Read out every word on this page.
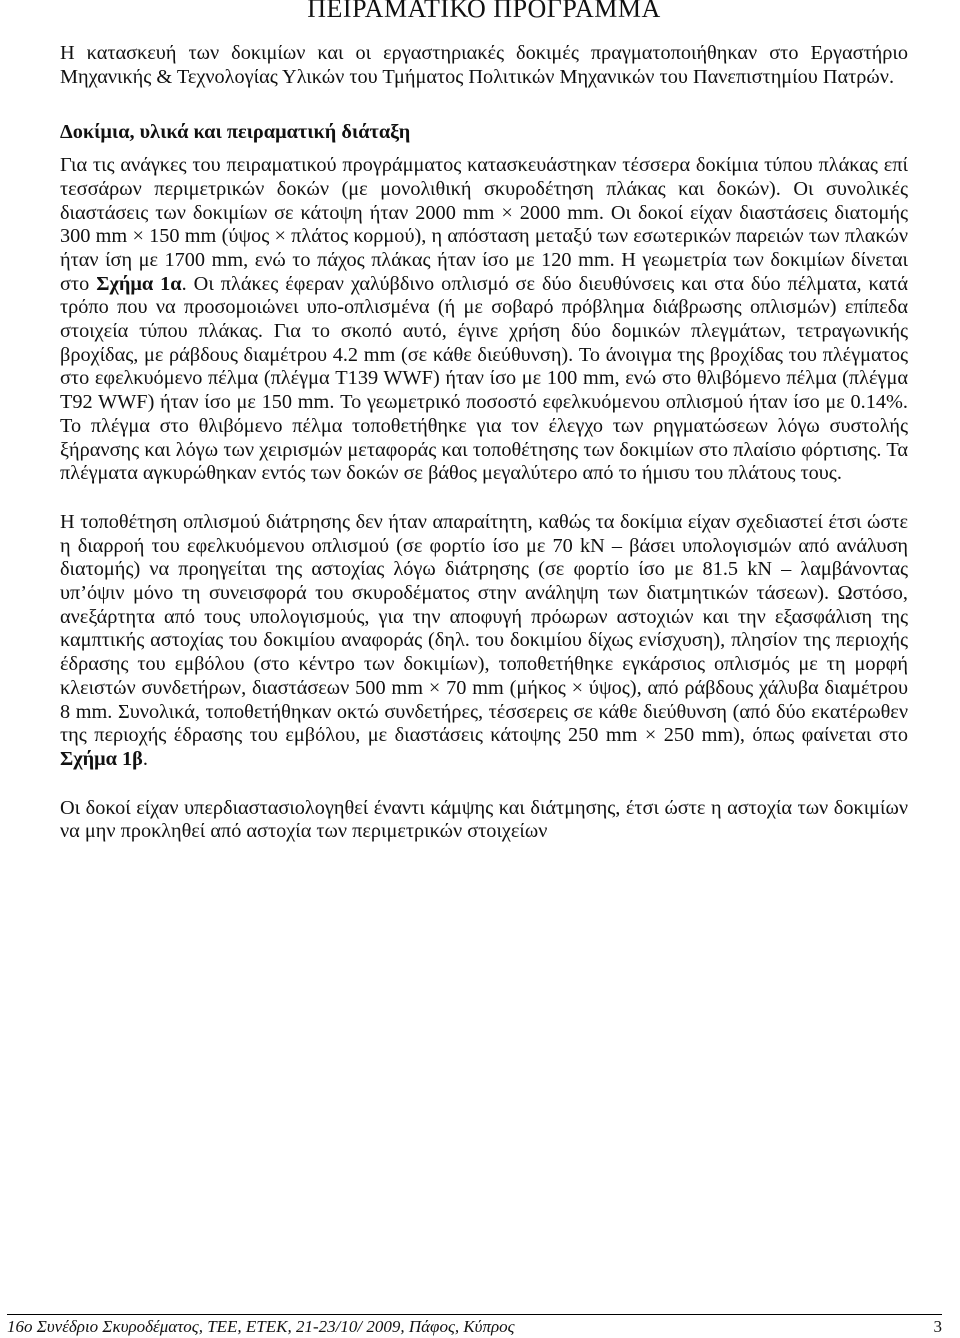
ΠΕΙΡΑΜΑΤΙΚΟ ΠΡΟΓΡΑΜΜΑ

Η κατασκευή των δοκιμίων και οι εργαστηριακές δοκιμές πραγματοποιήθηκαν στο Εργαστήριο Μηχανικής & Τεχνολογίας Υλικών του Τμήματος Πολιτικών Μηχανικών του Πανεπιστημίου Πατρών.

Δοκίμια, υλικά και πειραματική διάταξη

Για τις ανάγκες του πειραματικού προγράμματος κατασκευάστηκαν τέσσερα δοκίμια τύπου πλάκας επί τεσσάρων περιμετρικών δοκών (με μονολιθική σκυροδέτηση πλάκας και δοκών). Οι συνολικές διαστάσεις των δοκιμίων σε κάτοψη ήταν 2000 mm × 2000 mm. Οι δοκοί είχαν διαστάσεις διατομής 300 mm × 150 mm (ύψος × πλάτος κορμού), η απόσταση μεταξύ των εσωτερικών παρειών των πλακών ήταν ίση με 1700 mm, ενώ το πάχος πλάκας ήταν ίσο με 120 mm. Η γεωμετρία των δοκιμίων δίνεται στο Σχήμα 1α. Οι πλάκες έφεραν χαλύβδινο οπλισμό σε δύο διευθύνσεις και στα δύο πέλματα, κατά τρόπο που να προσομοιώνει υπο-οπλισμένα (ή με σοβαρό πρόβλημα διάβρωσης οπλισμών) επίπεδα στοιχεία τύπου πλάκας. Για το σκοπό αυτό, έγινε χρήση δύο δομικών πλεγμάτων, τετραγωνικής βροχίδας, με ράβδους διαμέτρου 4.2 mm (σε κάθε διεύθυνση). Το άνοιγμα της βροχίδας του πλέγματος στο εφελκυόμενο πέλμα (πλέγμα T139 WWF) ήταν ίσο με 100 mm, ενώ στο θλιβόμενο πέλμα (πλέγμα T92 WWF) ήταν ίσο με 150 mm. Το γεωμετρικό ποσοστό εφελκυόμενου οπλισμού ήταν ίσο με 0.14%. Το πλέγμα στο θλιβόμενο πέλμα τοποθετήθηκε για τον έλεγχο των ρηγματώσεων λόγω συστολής ξήρανσης και λόγω των χειρισμών μεταφοράς και τοποθέτησης των δοκιμίων στο πλαίσιο φόρτισης. Τα πλέγματα αγκυρώθηκαν εντός των δοκών σε βάθος μεγαλύτερο από το ήμισυ του πλάτους τους.

Η τοποθέτηση οπλισμού διάτρησης δεν ήταν απαραίτητη, καθώς τα δοκίμια είχαν σχεδιαστεί έτσι ώστε η διαρροή του εφελκυόμενου οπλισμού (σε φορτίο ίσο με 70 kN – βάσει υπολογισμών από ανάλυση διατομής) να προηγείται της αστοχίας λόγω διάτρησης (σε φορτίο ίσο με 81.5 kN – λαμβάνοντας υπ’όψιν μόνο τη συνεισφορά του σκυροδέματος στην ανάληψη των διατμητικών τάσεων). Ωστόσο, ανεξάρτητα από τους υπολογισμούς, για την αποφυγή πρόωρων αστοχιών και την εξασφάλιση της καμπτικής αστοχίας του δοκιμίου αναφοράς (δηλ. του δοκιμίου δίχως ενίσχυση), πλησίον της περιοχής έδρασης του εμβόλου (στο κέντρο των δοκιμίων), τοποθετήθηκε εγκάρσιος οπλισμός με τη μορφή κλειστών συνδετήρων, διαστάσεων 500 mm × 70 mm (μήκος × ύψος), από ράβδους χάλυβα διαμέτρου 8 mm. Συνολικά, τοποθετήθηκαν οκτώ συνδετήρες, τέσσερεις σε κάθε διεύθυνση (από δύο εκατέρωθεν της περιοχής έδρασης του εμβόλου, με διαστάσεις κάτοψης 250 mm × 250 mm), όπως φαίνεται στο Σχήμα 1β.

Οι δοκοί είχαν υπερδιαστασιολογηθεί έναντι κάμψης και διάτμησης, έτσι ώστε η αστοχία των δοκιμίων να μην προκληθεί από αστοχία των περιμετρικών στοιχείων

16ο Συνέδριο Σκυροδέματος, ΤΕΕ, ΕΤΕΚ, 21-23/10/ 2009, Πάφος, Κύπρος	3
